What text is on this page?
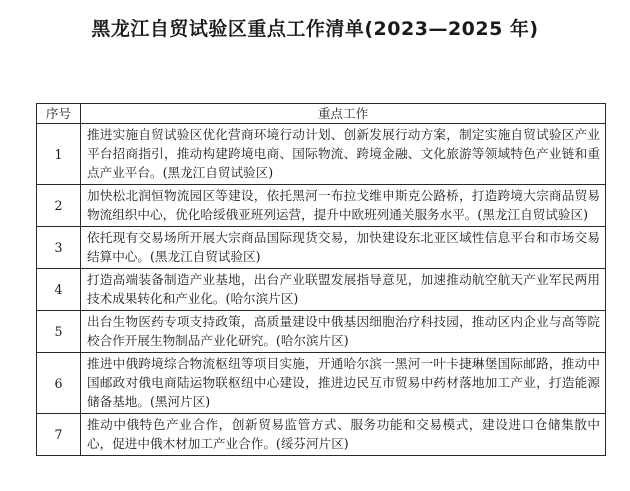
黑龙江自贸试验区重点工作清单(2023—2025 年)
序号	重点工作
1	推进实施自贸试验区优化营商环境行动计划、创新发展行动方案，制定实施自贸试验区产业平台招商指引，推动构建跨境电商、国际物流、跨境金融、文化旅游等领域特色产业链和重点产业平台。(黑龙江自贸试验区)
2	加快松北润恒物流园区等建设，依托黑河一布拉戈维申斯克公路桥，打造跨境大宗商品贸易物流组织中心，优化哈绥俄亚班列运营，提升中欧班列通关服务水平。(黑龙江自贸试验区)
3	依托现有交易场所开展大宗商品国际现货交易，加快建设东北亚区域性信息平台和市场交易结算中心。(黑龙江自贸试验区)
4	打造高端装备制造产业基地，出台产业联盟发展指导意见，加速推动航空航天产业军民两用技术成果转化和产业化。(哈尔滨片区)
5	出台生物医药专项支持政策，高质量建设中俄基因细胞治疗科技园，推动区内企业与高等院校合作开展生物制品产业化研究。(哈尔滨片区)
6	推进中俄跨境综合物流枢纽等项目实施，开通哈尔滨一黑河一叶卡捷琳堡国际邮路，推动中国邮政对俄电商陆运物联枢纽中心建设，推进边民互市贸易中药材落地加工产业，打造能源储备基地。(黑河片区)
7	推动中俄特色产业合作，创新贸易监管方式、服务功能和交易模式，建设进口仓储集散中心，促进中俄木材加工产业合作。(绥芬河片区)
